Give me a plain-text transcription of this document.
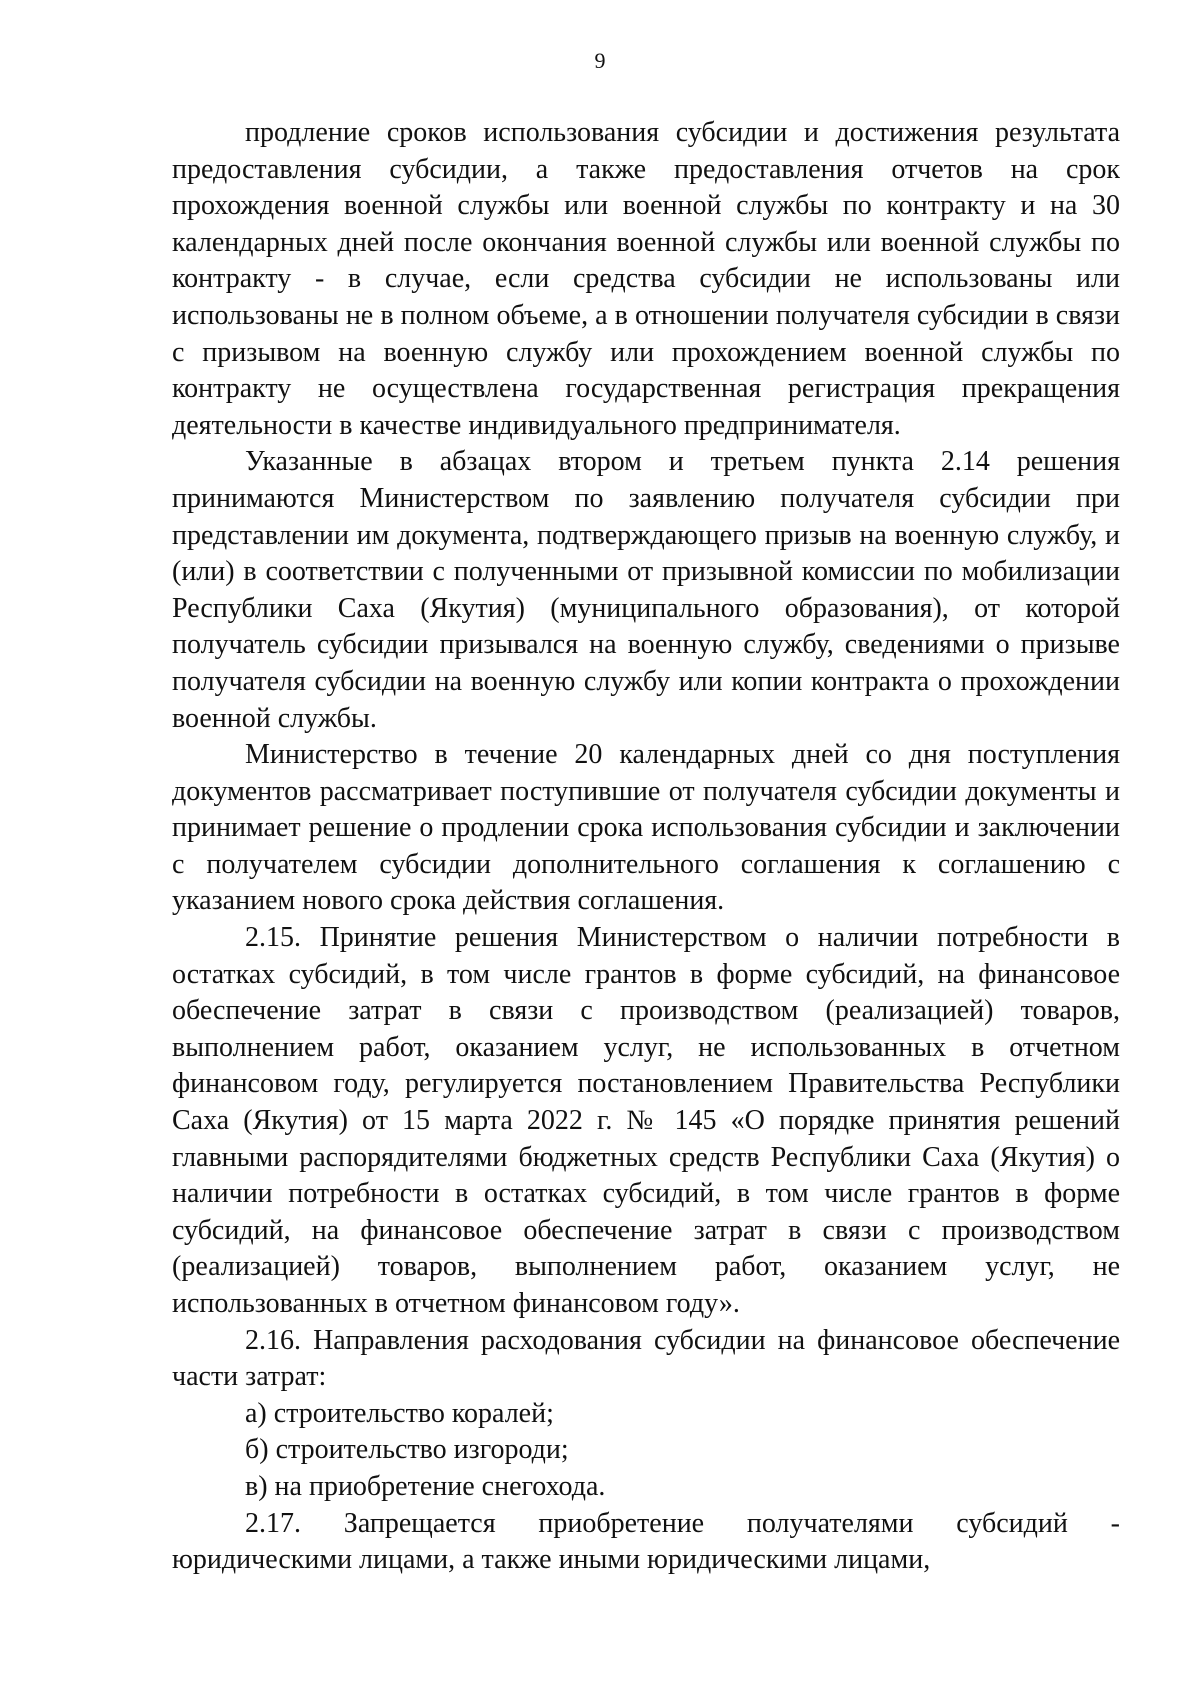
9

продление сроков использования субсидии и достижения результата предоставления субсидии, а также предоставления отчетов на срок прохождения военной службы или военной службы по контракту и на 30 календарных дней после окончания военной службы или военной службы по контракту - в случае, если средства субсидии не использованы или использованы не в полном объеме, а в отношении получателя субсидии в связи с призывом на военную службу или прохождением военной службы по контракту не осуществлена государственная регистрация прекращения деятельности в качестве индивидуального предпринимателя.

Указанные в абзацах втором и третьем пункта 2.14 решения принимаются Министерством по заявлению получателя субсидии при представлении им документа, подтверждающего призыв на военную службу, и (или) в соответствии с полученными от призывной комиссии по мобилизации Республики Саха (Якутия) (муниципального образования), от которой получатель субсидии призывался на военную службу, сведениями о призыве получателя субсидии на военную службу или копии контракта о прохождении военной службы.

Министерство в течение 20 календарных дней со дня поступления документов рассматривает поступившие от получателя субсидии документы и принимает решение о продлении срока использования субсидии и заключении с получателем субсидии дополнительного соглашения к соглашению с указанием нового срока действия соглашения.

2.15. Принятие решения Министерством о наличии потребности в остатках субсидий, в том числе грантов в форме субсидий, на финансовое обеспечение затрат в связи с производством (реализацией) товаров, выполнением работ, оказанием услуг, не использованных в отчетном финансовом году, регулируется постановлением Правительства Республики Саха (Якутия) от 15 марта 2022 г. № 145 «О порядке принятия решений главными распорядителями бюджетных средств Республики Саха (Якутия) о наличии потребности в остатках субсидий, в том числе грантов в форме субсидий, на финансовое обеспечение затрат в связи с производством (реализацией) товаров, выполнением работ, оказанием услуг, не использованных в отчетном финансовом году».

2.16. Направления расходования субсидии на финансовое обеспечение части затрат:

а) строительство коралей;

б) строительство изгороди;

в) на приобретение снегохода.

2.17. Запрещается приобретение получателями субсидий - юридическими лицами, а также иными юридическими лицами,
